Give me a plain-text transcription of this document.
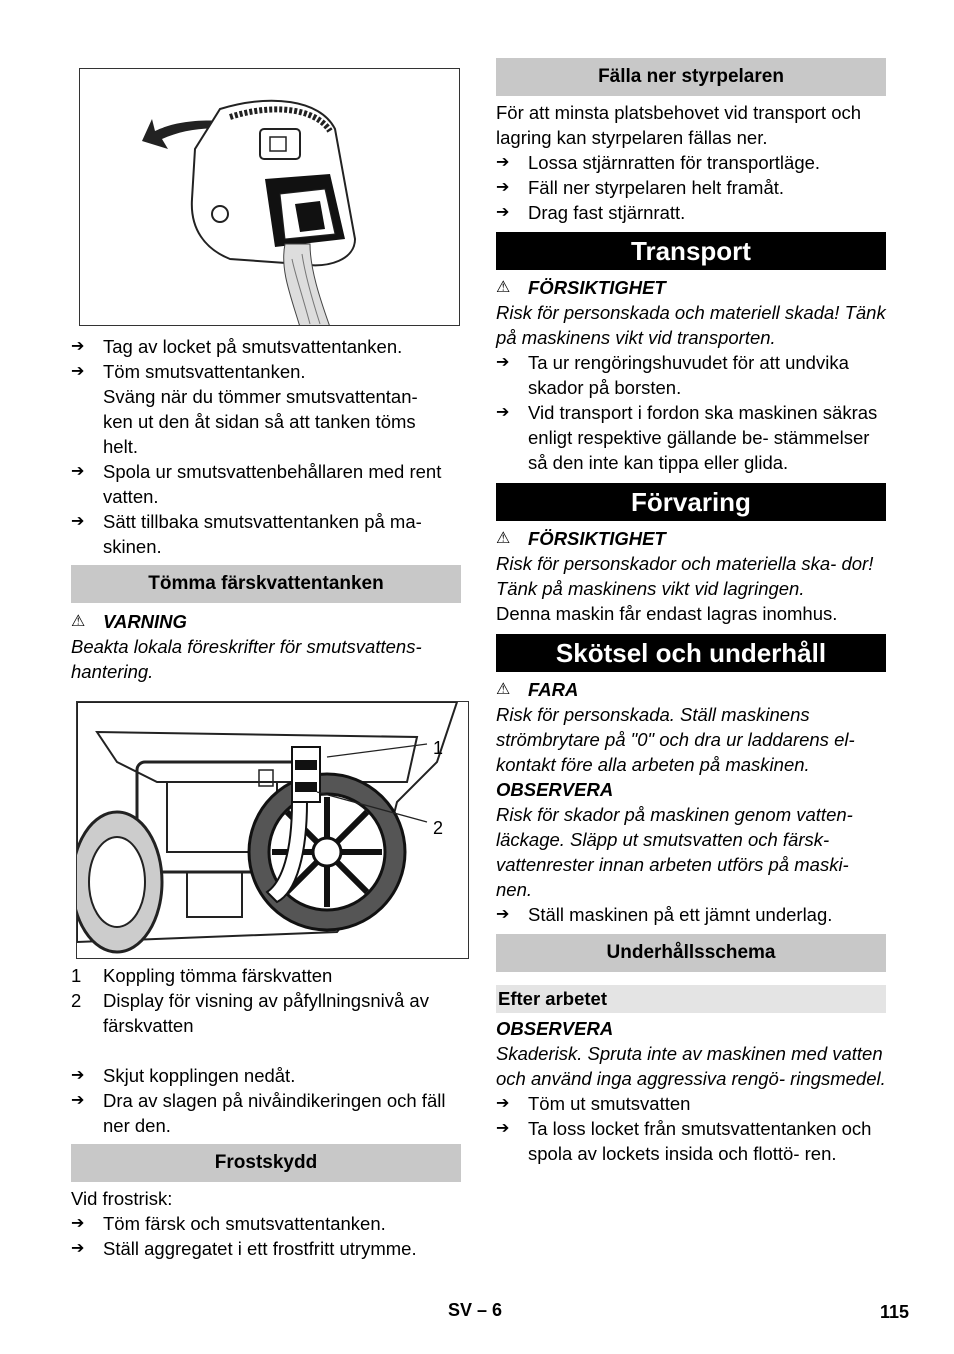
➔	Tag av locket på smutsvattentanken.
➔	Töm smutsvattentanken.
Sväng när du tömmer smutsvattentan-
ken ut den åt sidan så att tanken töms
helt.
➔	Spola ur smutsvattenbehållaren med rent vatten.
➔	Sätt tillbaka smutsvattentanken på ma- skinen.
Tömma färskvattentanken
⚠ VARNING
Beakta lokala föreskrifter för smutsvattens- hantering.
1
2
1	Koppling tömma färskvatten
2	Display för visning av påfyllningsnivå av färskvatten
➔	Skjut kopplingen nedåt.
➔	Dra av slagen på nivåindikeringen och fäll ner den.
Frostskydd
Vid frostrisk:
➔	Töm färsk och smutsvattentanken.
➔	Ställ aggregatet i ett frostfritt utrymme.
Fälla ner styrpelaren
För att minsta platsbehovet vid transport och lagring kan styrpelaren fällas ner.
➔	Lossa stjärnratten för transportläge.
➔	Fäll ner styrpelaren helt framåt.
➔	Drag fast stjärnratt.
Transport
⚠ FÖRSIKTIGHET
Risk för personskada och materiell skada! Tänk på maskinens vikt vid transporten.
➔	Ta ur rengöringshuvudet för att undvika skador på borsten.
➔	Vid transport i fordon ska maskinen säkras enligt respektive gällande be- stämmelser så den inte kan tippa eller glida.
Förvaring
⚠ FÖRSIKTIGHET
Risk för personskador och materiella ska- dor! Tänk på maskinens vikt vid lagringen.
Denna maskin får endast lagras inomhus.
Skötsel och underhåll
⚠ FARA
Risk för personskada. Ställ maskinens strömbrytare på "0" och dra ur laddarens el- kontakt före alla arbeten på maskinen.
OBSERVERA
Risk för skador på maskinen genom vatten- läckage. Släpp ut smutsvatten och färsk- vattenrester innan arbeten utförs på maski- nen.
➔	Ställ maskinen på ett jämnt underlag.
Underhållsschema
Efter arbetet
OBSERVERA
Skaderisk. Spruta inte av maskinen med vatten och använd inga aggressiva rengö- ringsmedel.
➔	Töm ut smutsvatten
➔	Ta loss locket från smutsvattentanken och spola av lockets insida och flottö- ren.
SV – 6	115
